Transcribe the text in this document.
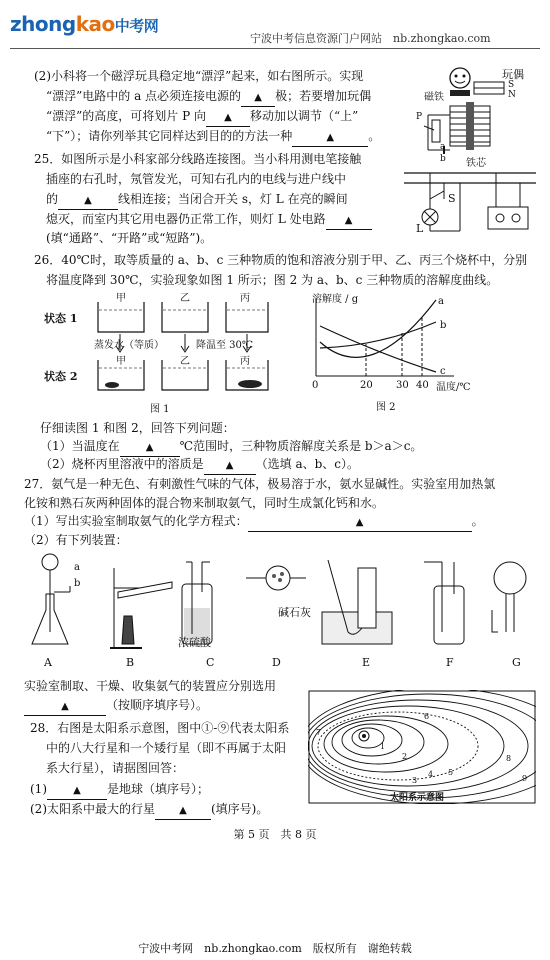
zhongkao中考网
宁波中考信息资源门户网站　nb.zhongkao.com
(2)小科将一个磁浮玩具稳定地“漂浮”起来，如右图所示。实现
“漂浮”电路中的 a 点必须连接电源的 ▲ 极；若要增加玩偶
“漂浮”的高度，可将划片 P 向 ▲ 移动加以调节（“上”
“下”）；请你列举其它同样达到目的的方法一种	▲	。
玩偶
磁铁
S
N
P
a
b 铁芯
25．如图所示是小科家部分线路连接图。当小科用测电笔接触
插座的右孔时，氖管发光，可知右孔内的电线与进户线中
的	▲ 线相连接；当闭合开关 s，灯 L 在亮的瞬间
熄灭，而室内其它用电器仍正常工作，则灯 L 处电路 ▲
(填“通路”、“开路”或“短路”)。
L
S
26．40℃时，取等质量的 a、b、c 三种物质的饱和溶液分别于甲、乙、丙三个烧杯中，分别
将温度降到 30℃，实验现象如图 1 所示；图 2 为 a、b、c 三种物质的溶解度曲线。
状态 1
状态 2
甲	乙	丙
甲	乙	丙
蒸发水（等质）	降温至 30℃
图 1
溶解度 / g	a
b
c
0	20 30 40 温度/℃
图 2
仔细读图 1 和图 2，回答下列问题：
（1）当温度在	▲ ℃范围时，三种物质溶解度关系是 b＞a＞c。
（2）烧杯丙里溶液中的溶质是 ▲ （选填 a、b、c）。
27．氨气是一种无色、有刺激性气味的气体，极易溶于水，氨水显碱性。实验室用加热氯
化铵和熟石灰两种固体的混合物来制取氨气，同时生成氯化钙和水。
（1）写出实验室制取氨气的化学方程式：	▲	。
（2）有下列装置：
a
b
浓硫酸
碱石灰
A	B	C	D	E	F	G
实验室制取、干燥、收集氨气的装置应分别选用
▲	（按顺序填序号）。
28．右图是太阳系示意图，图中①-⑨代表太阳系
中的八大行星和一个矮行星（即不再属于太阳
系大行星），请据图回答：
(1)	▲ 是地球（填序号）；
(2)太阳系中最大的行星 ▲ (填序号)。
太阳系示意图
1
2
3
4 5
6
7
8
9
第 5 页　共 8 页
宁波中考网　nb.zhongkao.com　版权所有　谢绝转载
